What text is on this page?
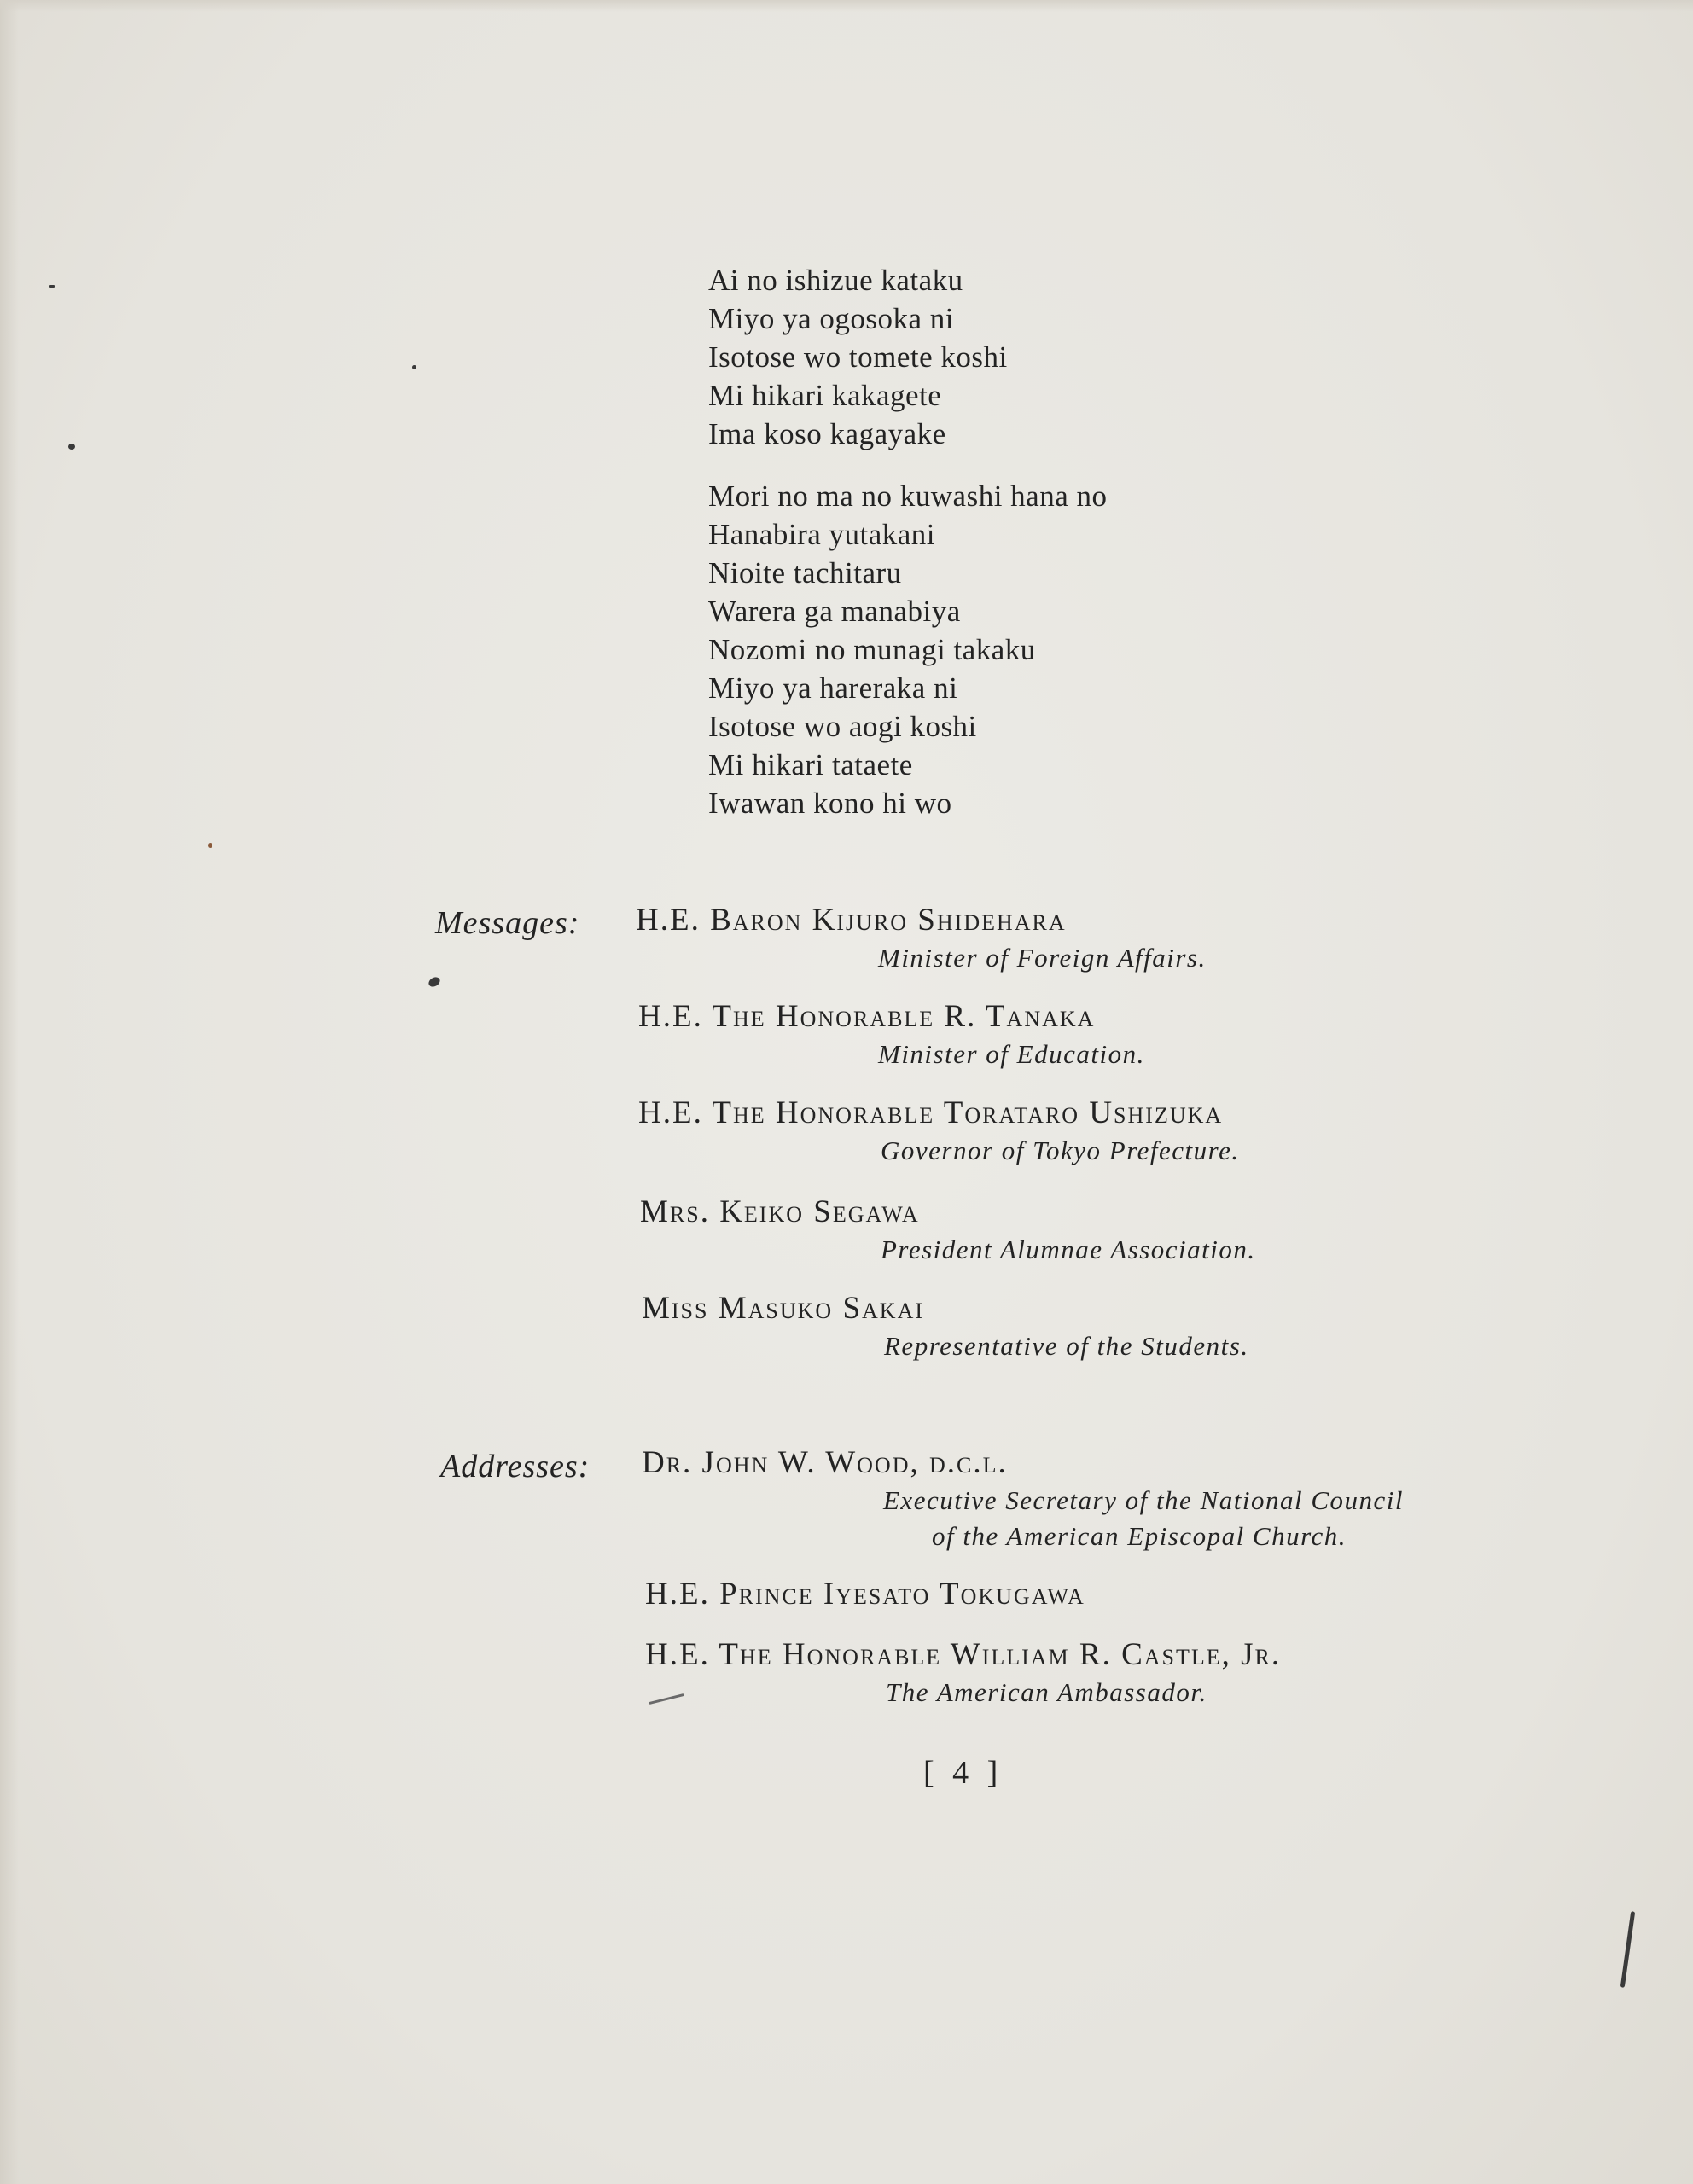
Ai no ishizue kataku
Miyo ya ogosoka ni
Isotose wo tomete koshi
Mi hikari kakagete
Ima koso kagayake
Mori no ma no kuwashi hana no
Hanabira yutakani
Nioite tachitaru
Warera ga manabiya
Nozomi no munagi takaku
Miyo ya hareraka ni
Isotose wo aogi koshi
Mi hikari tataete
Iwawan kono hi wo
Messages: H.E. Baron Kijuro Shidehara
Minister of Foreign Affairs.
H.E. The Honorable R. Tanaka
Minister of Education.
H.E. The Honorable Torataro Ushizuka
Governor of Tokyo Prefecture.
Mrs. Keiko Segawa
President Alumnae Association.
Miss Masuko Sakai
Representative of the Students.
Addresses: Dr. John W. Wood, d.c.l.
Executive Secretary of the National Council
of the American Episcopal Church.
H.E. Prince Iyesato Tokugawa
H.E. The Honorable William R. Castle, Jr.
The American Ambassador.
[ 4 ]
